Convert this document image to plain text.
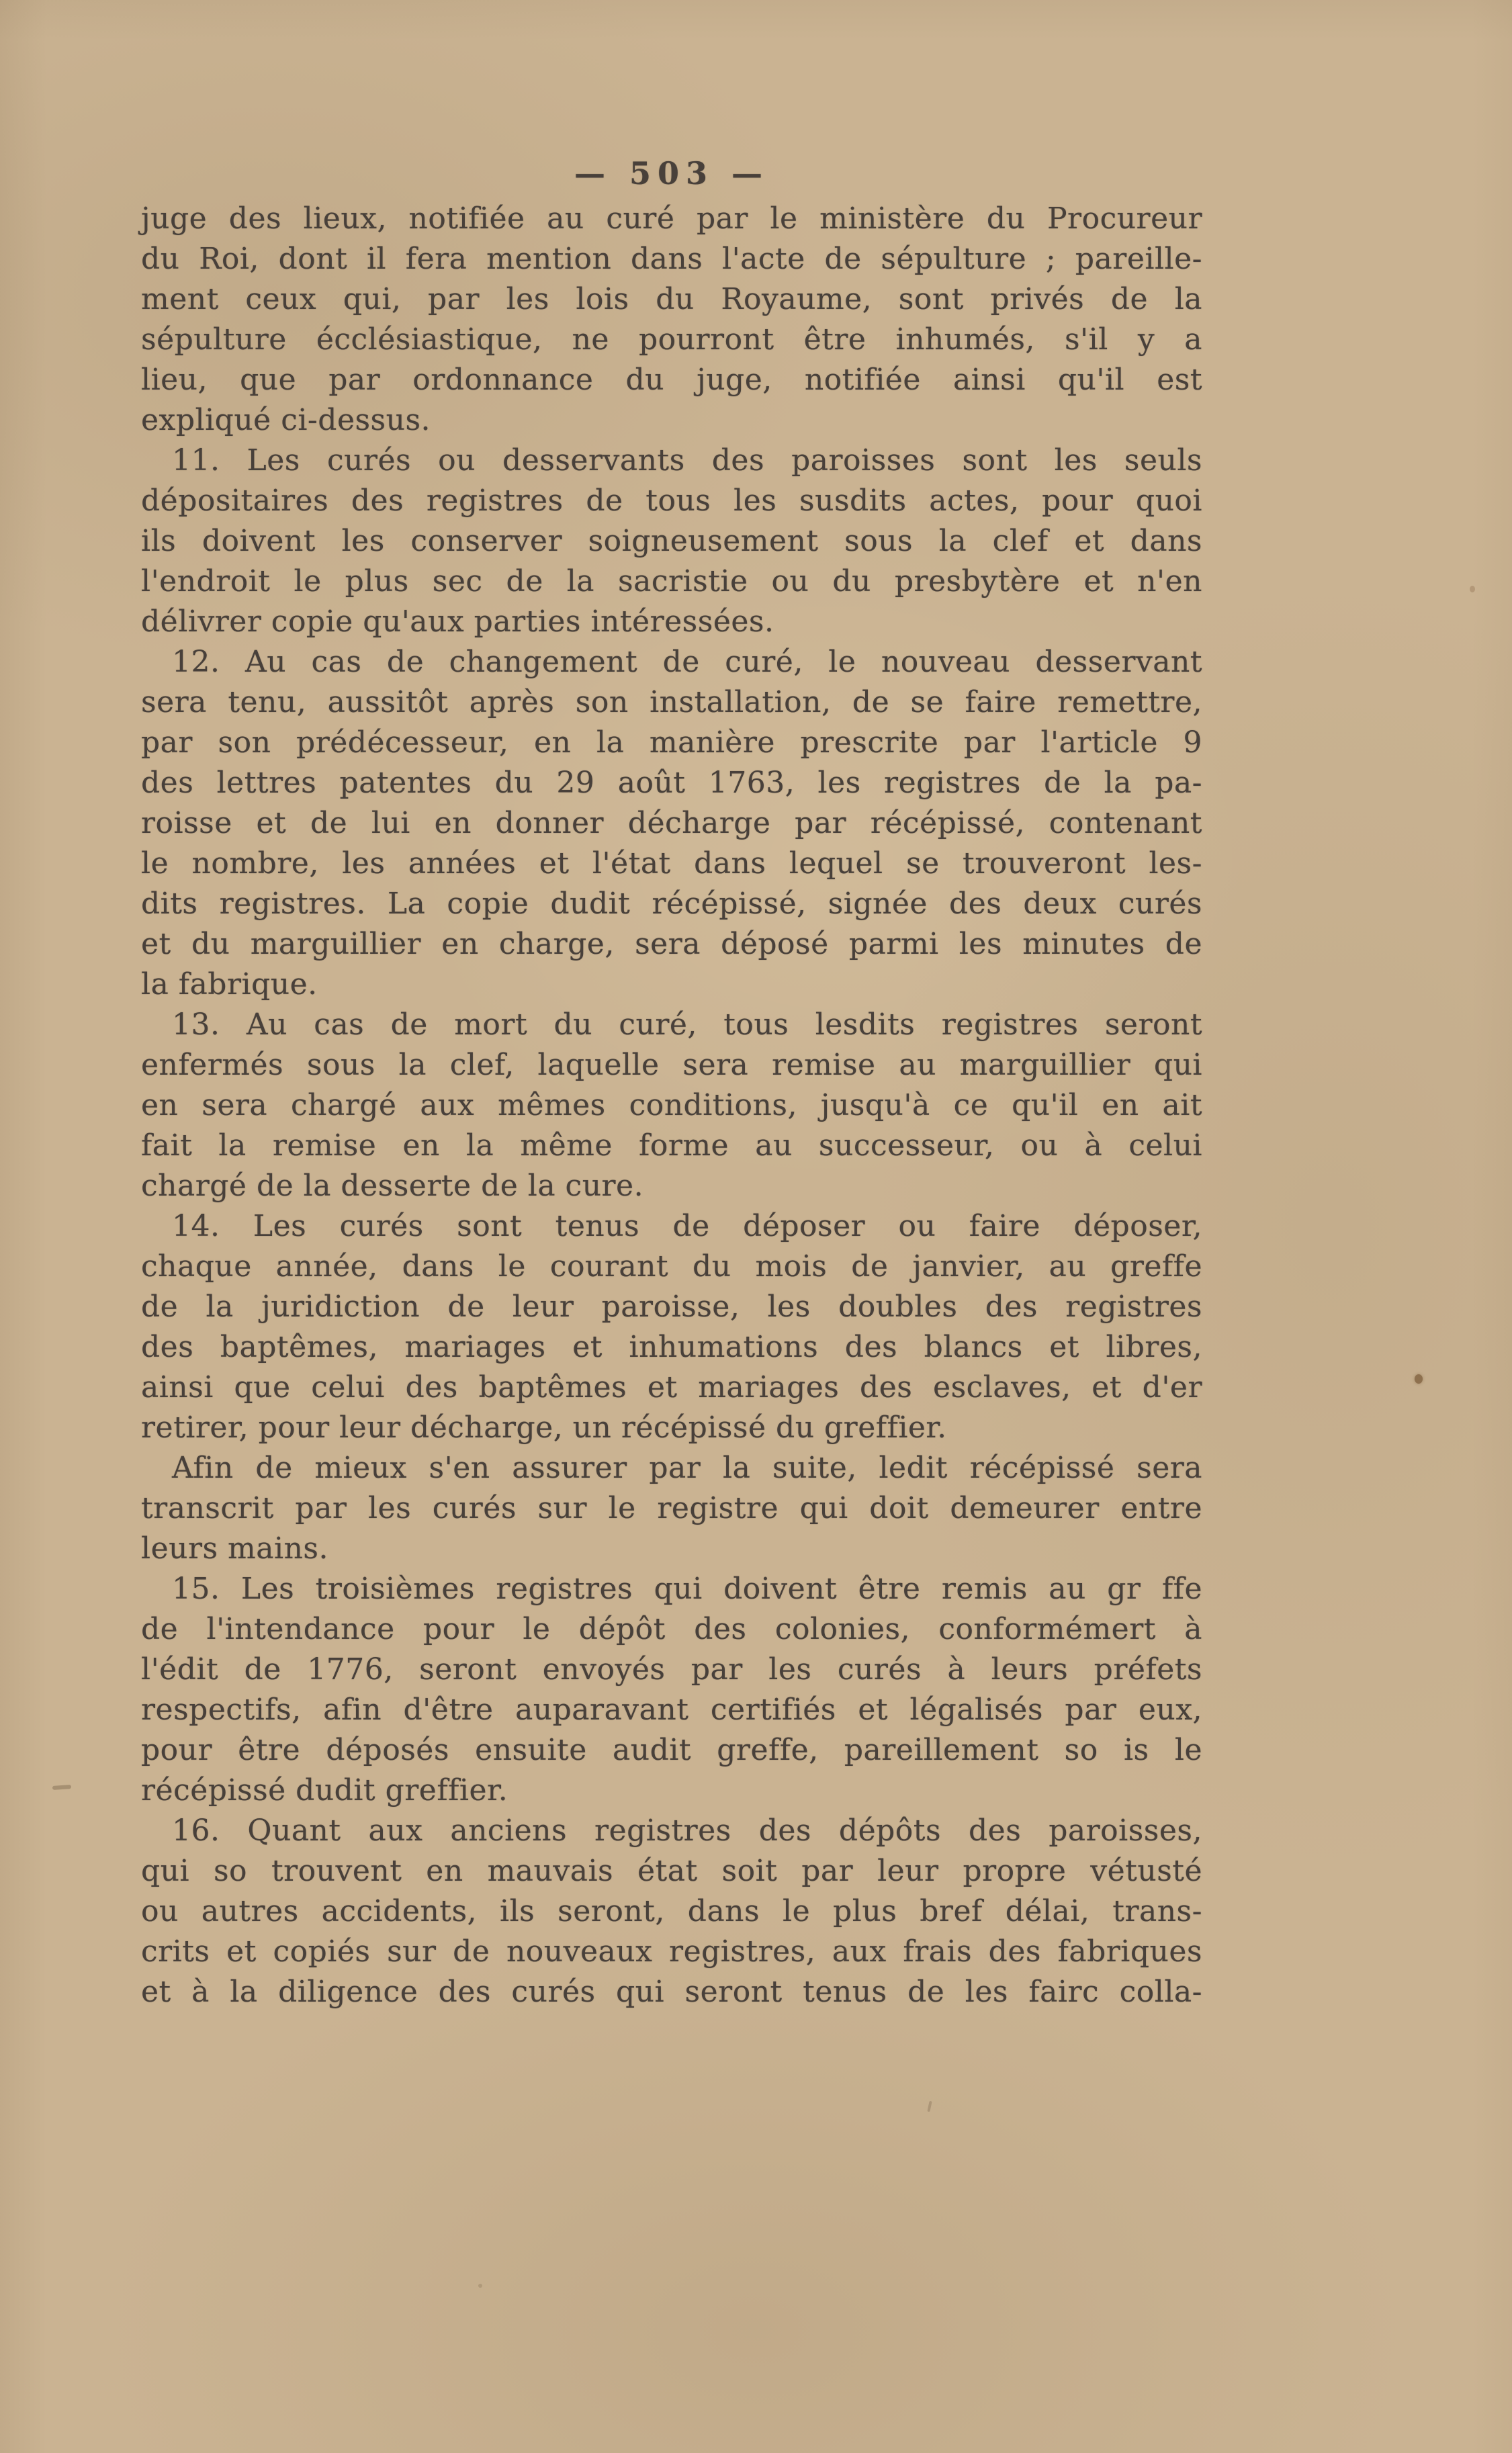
— 503 —

juge des lieux, notifiée au curé par le ministère du Procureur
du Roi, dont il fera mention dans l'acte de sépulture ; pareille-
ment ceux qui, par les lois du Royaume, sont privés de la
sépulture écclésiastique, ne pourront être inhumés, s'il y a
lieu, que par ordonnance du juge, notifiée ainsi qu'il est
expliqué ci-dessus.

11. Les curés ou desservants des paroisses sont les seuls
dépositaires des registres de tous les susdits actes, pour quoi
ils doivent les conserver soigneusement sous la clef et dans
l'endroit le plus sec de la sacristie ou du presbytère et n'en
délivrer copie qu'aux parties intéressées.

12. Au cas de changement de curé, le nouveau desservant
sera tenu, aussitôt après son installation, de se faire remettre,
par son prédécesseur, en la manière prescrite par l'article 9
des lettres patentes du 29 août 1763, les registres de la pa-
roisse et de lui en donner décharge par récépissé, contenant
le nombre, les années et l'état dans lequel se trouveront les-
dits registres. La copie dudit récépissé, signée des deux curés
et du marguillier en charge, sera déposé parmi les minutes de
la fabrique.

13. Au cas de mort du curé, tous lesdits registres seront
enfermés sous la clef, laquelle sera remise au marguillier qui
en sera chargé aux mêmes conditions, jusqu'à ce qu'il en ait
fait la remise en la même forme au successeur, ou à celui
chargé de la desserte de la cure.

14. Les curés sont tenus de déposer ou faire déposer,
chaque année, dans le courant du mois de janvier, au greffe
de la juridiction de leur paroisse, les doubles des registres
des baptêmes, mariages et inhumations des blancs et libres,
ainsi que celui des baptêmes et mariages des esclaves, et d'er
retirer, pour leur décharge, un récépissé du greffier.

Afin de mieux s'en assurer par la suite, ledit récépissé sera
transcrit par les curés sur le registre qui doit demeurer entre
leurs mains.

15. Les troisièmes registres qui doivent être remis au gr ffe
de l'intendance pour le dépôt des colonies, conformémert à
l'édit de 1776, seront envoyés par les curés à leurs préfets
respectifs, afin d'être auparavant certifiés et légalisés par eux,
pour être déposés ensuite audit greffe, pareillement so is le
récépissé dudit greffier.

16. Quant aux anciens registres des dépôts des paroisses,
qui so trouvent en mauvais état soit par leur propre vétusté
ou autres accidents, ils seront, dans le plus bref délai, trans-
crits et copiés sur de nouveaux registres, aux frais des fabriques
et à la diligence des curés qui seront tenus de les fairc colla-
